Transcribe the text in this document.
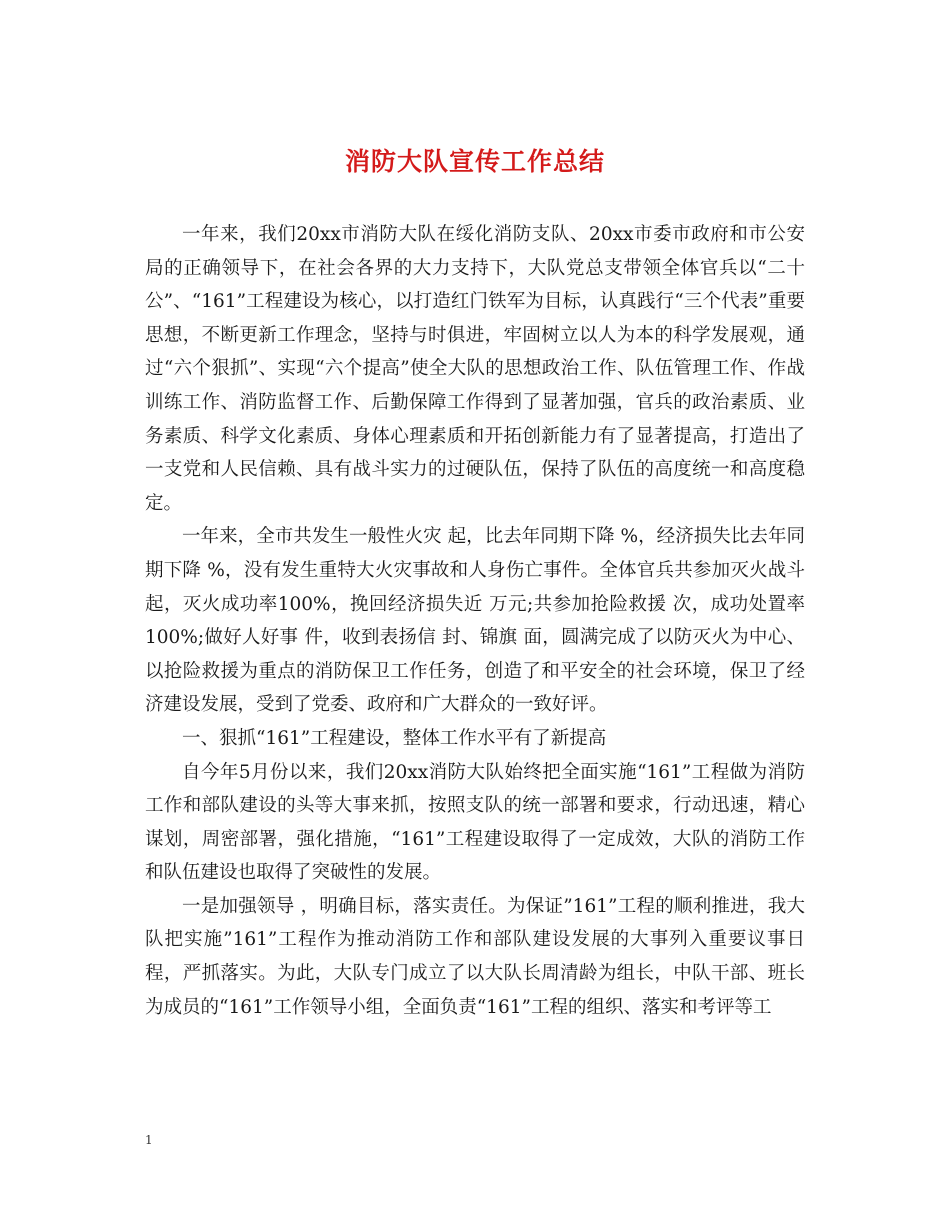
消防大队宣传工作总结

一年来，我们20xx市消防大队在绥化消防支队、20xx市委市政府和市公安局的正确领导下，在社会各界的大力支持下，大队党总支带领全体官兵以“二十公”、“161”工程建设为核心，以打造红门铁军为目标，认真践行“三个代表”重要思想，不断更新工作理念，坚持与时俱进，牢固树立以人为本的科学发展观，通过“六个狠抓”、实现“六个提高”使全大队的思想政治工作、队伍管理工作、作战训练工作、消防监督工作、后勤保障工作得到了显著加强，官兵的政治素质、业务素质、科学文化素质、身体心理素质和开拓创新能力有了显著提高，打造出了一支党和人民信赖、具有战斗实力的过硬队伍，保持了队伍的高度统一和高度稳定。

一年来，全市共发生一般性火灾 起，比去年同期下降 %，经济损失比去年同期下降 %，没有发生重特大火灾事故和人身伤亡事件。全体官兵共参加灭火战斗 起，灭火成功率100%，挽回经济损失近 万元;共参加抢险救援 次，成功处置率100%;做好人好事 件，收到表扬信 封、锦旗 面，圆满完成了以防灭火为中心、以抢险救援为重点的消防保卫工作任务，创造了和平安全的社会环境，保卫了经济建设发展，受到了党委、政府和广大群众的一致好评。

一、狠抓“161”工程建设，整体工作水平有了新提高

自今年5月份以来，我们20xx消防大队始终把全面实施“161”工程做为消防工作和部队建设的头等大事来抓，按照支队的统一部署和要求，行动迅速，精心谋划，周密部署，强化措施，“161”工程建设取得了一定成效，大队的消防工作和队伍建设也取得了突破性的发展。

一是加强领导 ，明确目标，落实责任。为保证”161”工程的顺利推进，我大队把实施”161”工程作为推动消防工作和部队建设发展的大事列入重要议事日程，严抓落实。为此，大队专门成立了以大队长周清龄为组长，中队干部、班长为成员的“161”工作领导小组，全面负责“161”工程的组织、落实和考评等工

1
